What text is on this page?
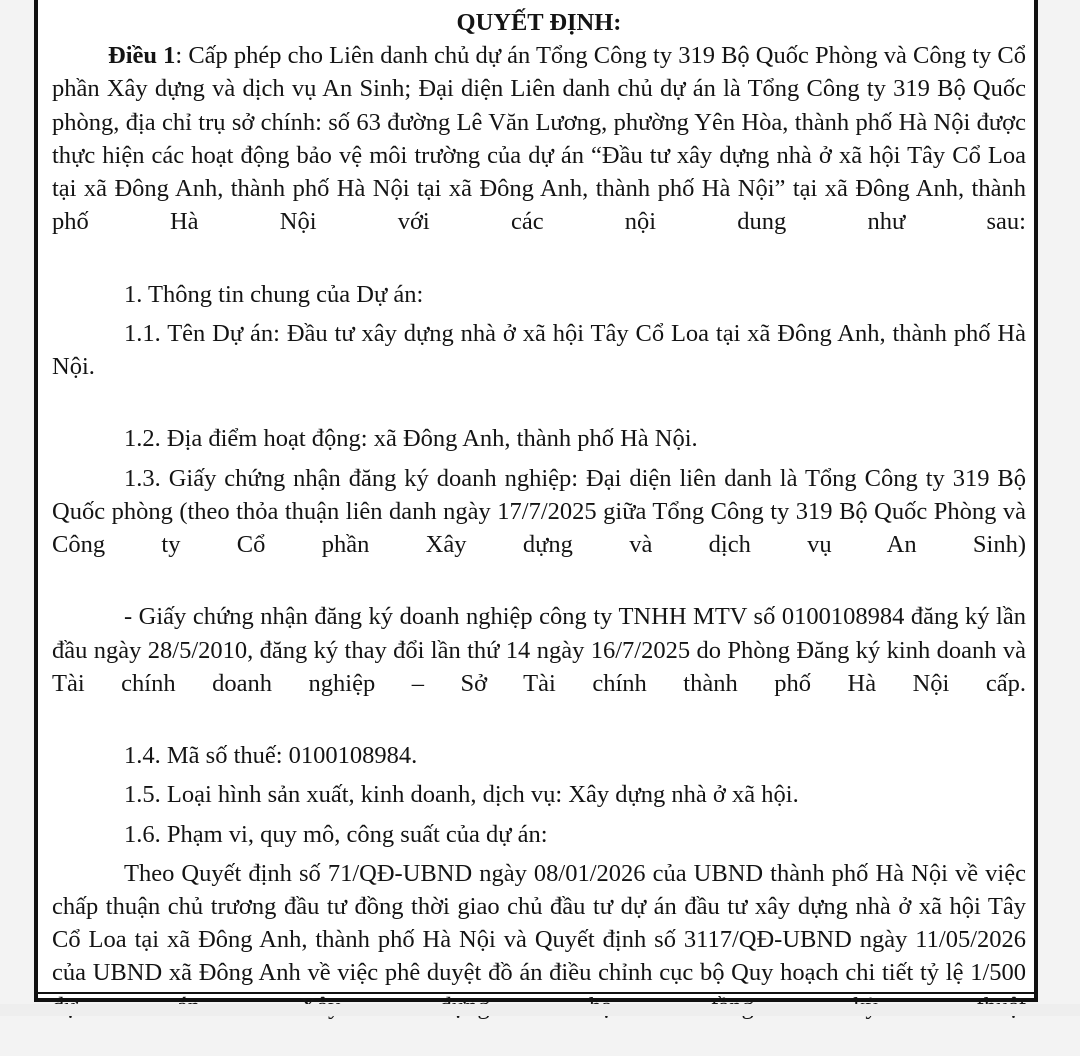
QUYẾT ĐỊNH:

Điều 1: Cấp phép cho Liên danh chủ dự án Tổng Công ty 319 Bộ Quốc Phòng và Công ty Cổ phần Xây dựng và dịch vụ An Sinh; Đại diện Liên danh chủ dự án là Tổng Công ty 319 Bộ Quốc phòng, địa chỉ trụ sở chính: số 63 đường Lê Văn Lương, phường Yên Hòa, thành phố Hà Nội được thực hiện các hoạt động bảo vệ môi trường của dự án “Đầu tư xây dựng nhà ở xã hội Tây Cổ Loa tại xã Đông Anh, thành phố Hà Nội tại xã Đông Anh, thành phố Hà Nội” tại xã Đông Anh, thành phố Hà Nội với các nội dung như sau:

1. Thông tin chung của Dự án:

1.1. Tên Dự án: Đầu tư xây dựng nhà ở xã hội Tây Cổ Loa tại xã Đông Anh, thành phố Hà Nội.

1.2. Địa điểm hoạt động: xã Đông Anh, thành phố Hà Nội.

1.3. Giấy chứng nhận đăng ký doanh nghiệp: Đại diện liên danh là Tổng Công ty 319 Bộ Quốc phòng (theo thỏa thuận liên danh ngày 17/7/2025 giữa Tổng Công ty 319 Bộ Quốc Phòng và Công ty Cổ phần Xây dựng và dịch vụ An Sinh)

- Giấy chứng nhận đăng ký doanh nghiệp công ty TNHH MTV số 0100108984 đăng ký lần đầu ngày 28/5/2010, đăng ký thay đổi lần thứ 14 ngày 16/7/2025 do Phòng Đăng ký kinh doanh và Tài chính doanh nghiệp – Sở Tài chính thành phố Hà Nội cấp.

1.4. Mã số thuế: 0100108984.

1.5. Loại hình sản xuất, kinh doanh, dịch vụ: Xây dựng nhà ở xã hội.

1.6. Phạm vi, quy mô, công suất của dự án:

Theo Quyết định số 71/QĐ-UBND ngày 08/01/2026 của UBND thành phố Hà Nội về việc chấp thuận chủ trương đầu tư đồng thời giao chủ đầu tư dự án đầu tư xây dựng nhà ở xã hội Tây Cổ Loa tại xã Đông Anh, thành phố Hà Nội và Quyết định số 3117/QĐ-UBND ngày 11/05/2026 của UBND xã Đông Anh về việc phê duyệt đồ án điều chỉnh cục bộ Quy hoạch chi tiết tỷ lệ 1/500
